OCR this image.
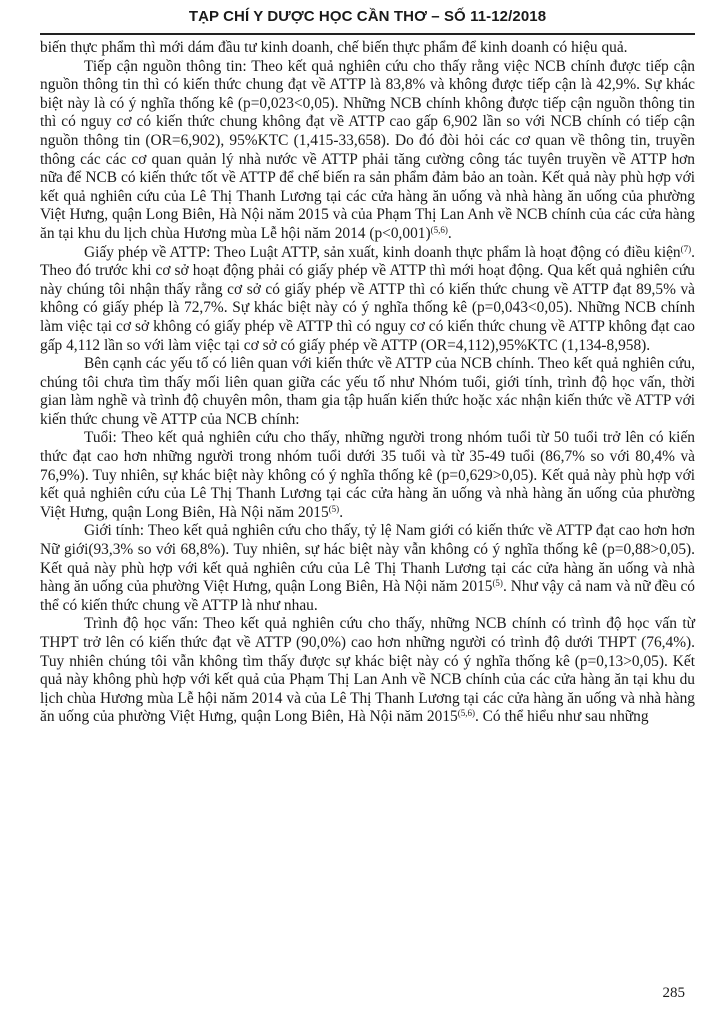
TẠP CHÍ Y DƯỢC HỌC CẦN THƠ – SỐ 11-12/2018

biến thực phẩm thì mới dám đầu tư kinh doanh, chế biến thực phẩm để kinh doanh có hiệu quả.

Tiếp cận nguồn thông tin: Theo kết quả nghiên cứu cho thấy rằng việc NCB chính được tiếp cận nguồn thông tin thì có kiến thức chung đạt về ATTP là 83,8% và không được tiếp cận là 42,9%. Sự khác biệt này là có ý nghĩa thống kê (p=0,023<0,05). Những NCB chính không được tiếp cận nguồn thông tin thì có nguy cơ có kiến thức chung không đạt về ATTP cao gấp 6,902 lần so với NCB chính có tiếp cận nguồn thông tin (OR=6,902), 95%KTC (1,415-33,658). Do đó đòi hỏi các cơ quan về thông tin, truyền thông các các cơ quan quản lý nhà nước về ATTP phải tăng cường công tác tuyên truyền về ATTP hơn nữa để NCB có kiến thức tốt về ATTP để chế biến ra sản phẩm đảm bảo an toàn. Kết quả này phù hợp với kết quả nghiên cứu của Lê Thị Thanh Lương tại các cửa hàng ăn uống và nhà hàng ăn uống của phường Việt Hưng, quận Long Biên, Hà Nội năm 2015 và của Phạm Thị Lan Anh về NCB chính của các cửa hàng ăn tại khu du lịch chùa Hương mùa Lễ hội năm 2014 (p<0,001)$^{(5,6)}$.

Giấy phép về ATTP: Theo Luật ATTP, sản xuất, kinh doanh thực phẩm là hoạt động có điều kiện$^{(7)}$. Theo đó trước khi cơ sở hoạt động phải có giấy phép về ATTP thì mới hoạt động. Qua kết quả nghiên cứu này chúng tôi nhận thấy rằng cơ sở có giấy phép về ATTP thì có kiến thức chung về ATTP đạt 89,5% và không có giấy phép là 72,7%. Sự khác biệt này có ý nghĩa thống kê (p=0,043<0,05). Những NCB chính làm việc tại cơ sở không có giấy phép về ATTP thì có nguy cơ có kiến thức chung về ATTP không đạt cao gấp 4,112 lần so với làm việc tại cơ sở có giấy phép về ATTP (OR=4,112),95%KTC (1,134-8,958).

Bên cạnh các yếu tố có liên quan với kiến thức về ATTP của NCB chính. Theo kết quả nghiên cứu, chúng tôi chưa tìm thấy mối liên quan giữa các yếu tố như Nhóm tuổi, giới tính, trình độ học vấn, thời gian làm nghề và trình độ chuyên môn, tham gia tập huấn kiến thức hoặc xác nhận kiến thức về ATTP với kiến thức chung về ATTP của NCB chính:

Tuổi: Theo kết quả nghiên cứu cho thấy, những người trong nhóm tuổi từ 50 tuổi trở lên có kiến thức đạt cao hơn những người trong nhóm tuổi dưới 35 tuổi và từ 35-49 tuổi (86,7% so với 80,4% và 76,9%). Tuy nhiên, sự khác biệt này không có ý nghĩa thống kê (p=0,629>0,05). Kết quả này phù hợp với kết quả nghiên cứu của Lê Thị Thanh Lương tại các cửa hàng ăn uống và nhà hàng ăn uống của phường Việt Hưng, quận Long Biên, Hà Nội năm 2015$^{(5)}$.

Giới tính: Theo kết quả nghiên cứu cho thấy, tỷ lệ Nam giới có kiến thức về ATTP đạt cao hơn hơn Nữ giới(93,3% so với 68,8%). Tuy nhiên, sự hác biệt này vẫn không có ý nghĩa thống kê (p=0,88>0,05). Kết quả này phù hợp với kết quả nghiên cứu của Lê Thị Thanh Lương tại các cửa hàng ăn uống và nhà hàng ăn uống của phường Việt Hưng, quận Long Biên, Hà Nội năm 2015$^{(5)}$. Như vậy cả nam và nữ đều có thể có kiến thức chung về ATTP là như nhau.

Trình độ học vấn: Theo kết quả nghiên cứu cho thấy, những NCB chính có trình độ học vấn từ THPT trở lên có kiến thức đạt về ATTP (90,0%) cao hơn những người có trình độ dưới THPT (76,4%). Tuy nhiên chúng tôi vẫn không tìm thấy được sự khác biệt này có ý nghĩa thống kê (p=0,13>0,05). Kết quả này không phù hợp với kết quả của Phạm Thị Lan Anh về NCB chính của các cửa hàng ăn tại khu du lịch chùa Hương mùa Lễ hội năm 2014 và của Lê Thị Thanh Lương tại các cửa hàng ăn uống và nhà hàng ăn uống của phường Việt Hưng, quận Long Biên, Hà Nội năm 2015$^{(5,6)}$. Có thể hiểu như sau những

285
